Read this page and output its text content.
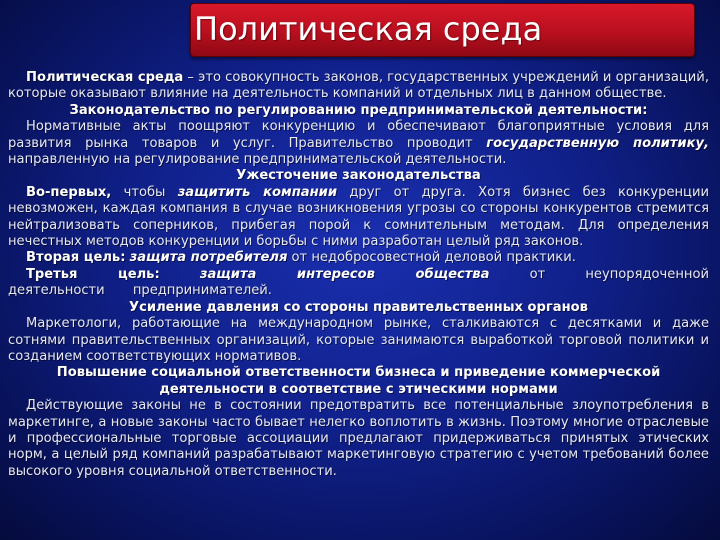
Политическая среда

Политическая среда – это совокупность законов, государственных учреждений и организаций, которые оказывают влияние на деятельность компаний и отдельных лиц в данном обществе.

Законодательство по регулированию предпринимательской деятельности:

Нормативные акты поощряют конкуренцию и обеспечивают благоприятные условия для развития рынка товаров и услуг. Правительство проводит государственную политику, направленную на регулирование предпринимательской деятельности.

Ужесточение законодательства

Во-первых, чтобы защитить компании друг от друга. Хотя бизнес без конкуренции невозможен, каждая компания в случае возникновения угрозы со стороны конкурентов стремится нейтрализовать соперников, прибегая порой к сомнительным методам. Для определения нечестных методов конкуренции и борьбы с ними разработан целый ряд законов.

Вторая цель: защита потребителя от недобросовестной деловой практики.

Третья цель:	защита интересов общества от неупорядоченной деятельности предпринимателей.

Усиление давления со стороны правительственных органов

Маркетологи, работающие на международном рынке, сталкиваются с десятками и даже сотнями правительственных организаций, которые занимаются выработкой торговой политики и созданием соответствующих нормативов.

Повышение социальной ответственности бизнеса и приведение коммерческой деятельности в соответствие с этическими нормами

Действующие законы не в состоянии предотвратить все потенциальные злоупотребления в маркетинге, а новые законы часто бывает нелегко воплотить в жизнь. Поэтому многие отраслевые и профессиональные торговые ассоциации предлагают придерживаться принятых этических норм, а целый ряд компаний разрабатывают маркетинговую стратегию с учетом требований более высокого уровня социальной ответственности.
